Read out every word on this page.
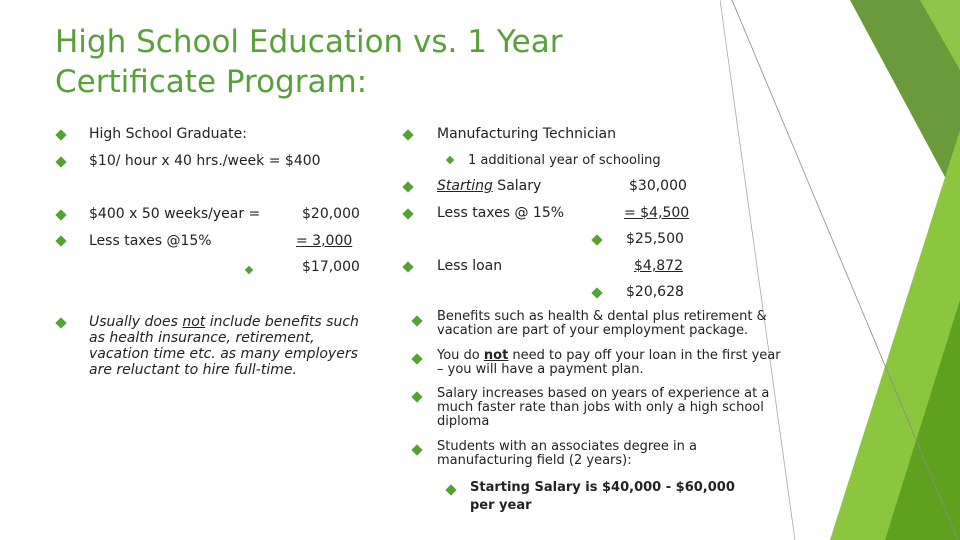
High School Education vs. 1 Year Certificate Program:
High School Graduate:
$10/ hour x 40 hrs./week = $400
$400 x 50 weeks/year =	$20,000
Less taxes @15%	= 3,000
$17,000
Usually does not include benefits such as health insurance, retirement, vacation time etc. as many employers are reluctant to hire full-time.
Manufacturing Technician
1 additional year of schooling
Starting Salary	$30,000
Less taxes @ 15%	= $4,500
$25,500
Less loan	$4,872
$20,628
Benefits such as health & dental plus retirement & vacation are part of your employment package.
You do not need to pay off your loan in the first year – you will have a payment plan.
Salary increases based on years of experience at a much faster rate than jobs with only a high school diploma
Students with an associates degree in a manufacturing field (2 years):
Starting Salary is $40,000 - $60,000 per year
